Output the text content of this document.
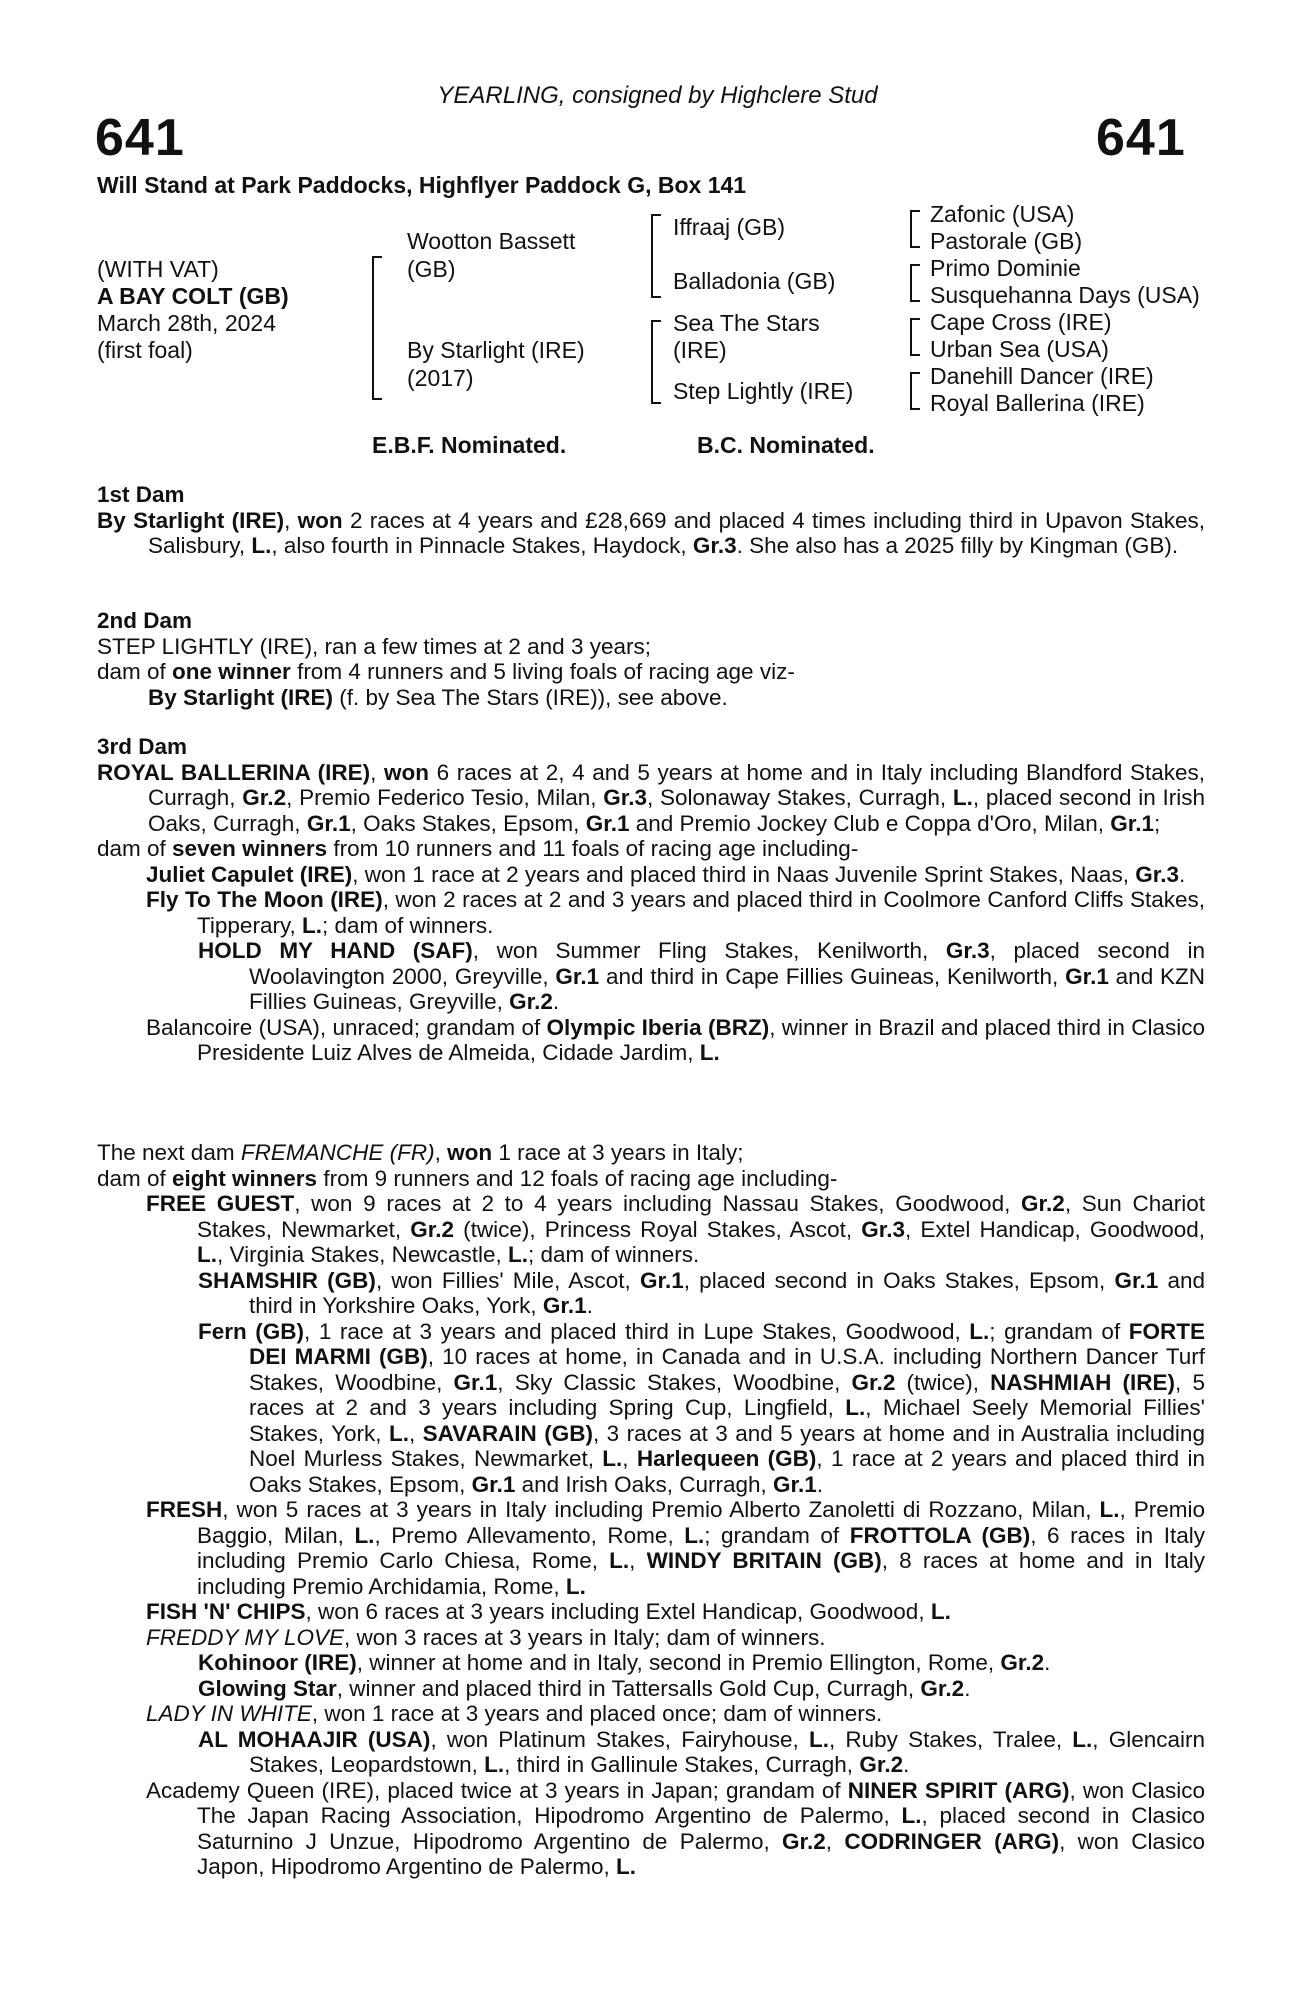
YEARLING, consigned by Highclere Stud
641	641
Will Stand at Park Paddocks, Highflyer Paddock G, Box 141
(WITH VAT)
A BAY COLT (GB)
March 28th, 2024
(first foal)
Wootton Bassett
(GB)
By Starlight (IRE)
(2017)
Iffraaj (GB)
Balladonia (GB)
Sea The Stars
(IRE)
Step Lightly (IRE)
Zafonic (USA)
Pastorale (GB)
Primo Dominie
Susquehanna Days (USA)
Cape Cross (IRE)
Urban Sea (USA)
Danehill Dancer (IRE)
Royal Ballerina (IRE)
E.B.F. Nominated.	B.C. Nominated.

1st Dam

By Starlight (IRE), won 2 races at 4 years and £28,669 and placed 4 times including third in Upavon Stakes, Salisbury, L., also fourth in Pinnacle Stakes, Haydock, Gr.3. She also has a 2025 filly by Kingman (GB).

2nd Dam

STEP LIGHTLY (IRE), ran a few times at 2 and 3 years;

dam of one winner from 4 runners and 5 living foals of racing age viz-

By Starlight (IRE) (f. by Sea The Stars (IRE)), see above.

3rd Dam

ROYAL BALLERINA (IRE), won 6 races at 2, 4 and 5 years at home and in Italy including Blandford Stakes, Curragh, Gr.2, Premio Federico Tesio, Milan, Gr.3, Solonaway Stakes, Curragh, L., placed second in Irish Oaks, Curragh, Gr.1, Oaks Stakes, Epsom, Gr.1 and Premio Jockey Club e Coppa d'Oro, Milan, Gr.1;

dam of seven winners from 10 runners and 11 foals of racing age including-

Juliet Capulet (IRE), won 1 race at 2 years and placed third in Naas Juvenile Sprint Stakes, Naas, Gr.3.

Fly To The Moon (IRE), won 2 races at 2 and 3 years and placed third in Coolmore Canford Cliffs Stakes, Tipperary, L.; dam of winners.

HOLD MY HAND (SAF), won Summer Fling Stakes, Kenilworth, Gr.3, placed second in Woolavington 2000, Greyville, Gr.1 and third in Cape Fillies Guineas, Kenilworth, Gr.1 and KZN Fillies Guineas, Greyville, Gr.2.

Balancoire (USA), unraced; grandam of Olympic Iberia (BRZ), winner in Brazil and placed third in Clasico Presidente Luiz Alves de Almeida, Cidade Jardim, L.

The next dam FREMANCHE (FR), won 1 race at 3 years in Italy;

dam of eight winners from 9 runners and 12 foals of racing age including-

FREE GUEST, won 9 races at 2 to 4 years including Nassau Stakes, Goodwood, Gr.2, Sun Chariot Stakes, Newmarket, Gr.2 (twice), Princess Royal Stakes, Ascot, Gr.3, Extel Handicap, Goodwood, L., Virginia Stakes, Newcastle, L.; dam of winners.

SHAMSHIR (GB), won Fillies' Mile, Ascot, Gr.1, placed second in Oaks Stakes, Epsom, Gr.1 and third in Yorkshire Oaks, York, Gr.1.

Fern (GB), 1 race at 3 years and placed third in Lupe Stakes, Goodwood, L.; grandam of FORTE DEI MARMI (GB), 10 races at home, in Canada and in U.S.A. including Northern Dancer Turf Stakes, Woodbine, Gr.1, Sky Classic Stakes, Woodbine, Gr.2 (twice), NASHMIAH (IRE), 5 races at 2 and 3 years including Spring Cup, Lingfield, L., Michael Seely Memorial Fillies' Stakes, York, L., SAVARAIN (GB), 3 races at 3 and 5 years at home and in Australia including Noel Murless Stakes, Newmarket, L., Harlequeen (GB), 1 race at 2 years and placed third in Oaks Stakes, Epsom, Gr.1 and Irish Oaks, Curragh, Gr.1.

FRESH, won 5 races at 3 years in Italy including Premio Alberto Zanoletti di Rozzano, Milan, L., Premio Baggio, Milan, L., Premo Allevamento, Rome, L.; grandam of FROTTOLA (GB), 6 races in Italy including Premio Carlo Chiesa, Rome, L., WINDY BRITAIN (GB), 8 races at home and in Italy including Premio Archidamia, Rome, L.

FISH 'N' CHIPS, won 6 races at 3 years including Extel Handicap, Goodwood, L.

FREDDY MY LOVE, won 3 races at 3 years in Italy; dam of winners.

Kohinoor (IRE), winner at home and in Italy, second in Premio Ellington, Rome, Gr.2.

Glowing Star, winner and placed third in Tattersalls Gold Cup, Curragh, Gr.2.

LADY IN WHITE, won 1 race at 3 years and placed once; dam of winners.

AL MOHAAJIR (USA), won Platinum Stakes, Fairyhouse, L., Ruby Stakes, Tralee, L., Glencairn Stakes, Leopardstown, L., third in Gallinule Stakes, Curragh, Gr.2.

Academy Queen (IRE), placed twice at 3 years in Japan; grandam of NINER SPIRIT (ARG), won Clasico The Japan Racing Association, Hipodromo Argentino de Palermo, L., placed second in Clasico Saturnino J Unzue, Hipodromo Argentino de Palermo, Gr.2, CODRINGER (ARG), won Clasico Japon, Hipodromo Argentino de Palermo, L.
